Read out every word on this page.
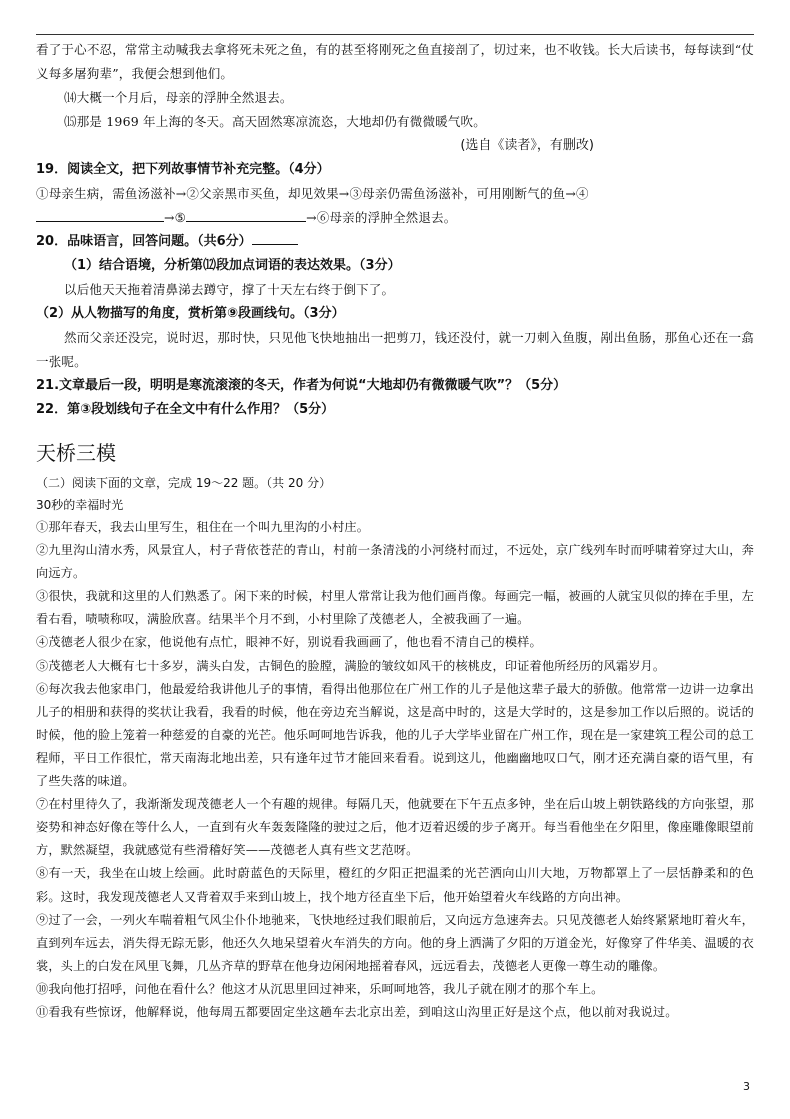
看了于心不忍，常常主动喊我去拿将死未死之鱼，有的甚至将刚死之鱼直接剖了，切过来，也不收钱。长大后读书，每每读到“仗义每多屠狗辈”，我便会想到他们。

⒁大概一个月后，母亲的浮肿全然退去。

⒂那是 1969 年上海的冬天。高天固然寒凉流恣，大地却仍有微微暖气吹。

(选自《读者》，有删改)

19．阅读全文，把下列故事情节补充完整。（4分）

①母亲生病，需鱼汤滋补→②父亲黑市买鱼，却见效果→③母亲仍需鱼汤滋补，可用刚断气的鱼→④

→⑤	→⑥母亲的浮肿全然退去。

20．品味语言，回答问题。（共6分）

（1）结合语境，分析第⑿段加点词语的表达效果。（3分）

以后他天天拖着清鼻涕去蹲守，撑了十天左右终于倒下了。

（2）从人物描写的角度，赏析第⑨段画线句。（3分）

然而父亲还没完，说时迟，那时快，只见他飞快地抽出一把剪刀，钱还没付，就一刀刺入鱼腹，剐出鱼肠，那鱼心还在一翕一张呢。

21.文章最后一段，明明是寒流滚滚的冬天，作者为何说“大地却仍有微微暖气吹”？（5分）

22．第③段划线句子在全文中有什么作用？（5分）

天桥三模

（二）阅读下面的文章，完成 19～22 题。（共 20 分）

30秒的幸福时光

①那年春天，我去山里写生，租住在一个叫九里沟的小村庄。

②九里沟山清水秀，风景宜人，村子背依苍茫的青山，村前一条清浅的小河绕村而过，不远处，京广线列车时而呼啸着穿过大山，奔向远方。

③很快，我就和这里的人们熟悉了。闲下来的时候，村里人常常让我为他们画肖像。每画完一幅，被画的人就宝贝似的捧在手里，左看右看，啧啧称叹，满脸欣喜。结果半个月不到，小村里除了茂德老人，全被我画了一遍。

④茂德老人很少在家，他说他有点忙，眼神不好，别说看我画画了，他也看不清自己的模样。

⑤茂德老人大概有七十多岁，满头白发，古铜色的脸膛，满脸的皱纹如风干的核桃皮，印证着他所经历的风霜岁月。

⑥每次我去他家串门，他最爱给我讲他儿子的事情，看得出他那位在广州工作的儿子是他这辈子最大的骄傲。他常常一边讲一边拿出儿子的相册和获得的奖状让我看，我看的时候，他在旁边充当解说，这是高中时的，这是大学时的，这是参加工作以后照的。说话的时候，他的脸上笼着一种慈爱的自豪的光芒。他乐呵呵地告诉我，他的儿子大学毕业留在广州工作，现在是一家建筑工程公司的总工程师，平日工作很忙，常天南海北地出差，只有逢年过节才能回来看看。说到这儿，他幽幽地叹口气，刚才还充满自豪的语气里，有了些失落的味道。

⑦在村里待久了，我渐渐发现茂德老人一个有趣的规律。每隔几天，他就要在下午五点多钟，坐在后山坡上朝铁路线的方向张望，那姿势和神态好像在等什么人，一直到有火车轰轰隆隆的驶过之后，他才迈着迟缓的步子离开。每当看他坐在夕阳里，像座雕像眼望前方，默然凝望，我就感觉有些滑稽好笑——茂德老人真有些文艺范呀。

⑧有一天，我坐在山坡上绘画。此时蔚蓝色的天际里，橙红的夕阳正把温柔的光芒洒向山川大地，万物都罩上了一层恬静柔和的色彩。这时，我发现茂德老人又背着双手来到山坡上，找个地方径直坐下后，他开始望着火车线路的方向出神。

⑨过了一会，一列火车喘着粗气风尘仆仆地驰来，飞快地经过我们眼前后，又向远方急速奔去。只见茂德老人始终紧紧地盯着火车，直到列车远去，消失得无踪无影，他还久久地呆望着火车消失的方向。他的身上洒满了夕阳的万道金光，好像穿了件华美、温暖的衣裳，头上的白发在风里飞舞，几丛齐草的野草在他身边闲闲地摇着春风，远远看去，茂德老人更像一尊生动的雕像。

⑩我向他打招呼，问他在看什么？他这才从沉思里回过神来，乐呵呵地答，我儿子就在刚才的那个车上。

⑪看我有些惊讶，他解释说，他每周五都要固定坐这趟车去北京出差，到咱这山沟里正好是这个点，他以前对我说过。

3
